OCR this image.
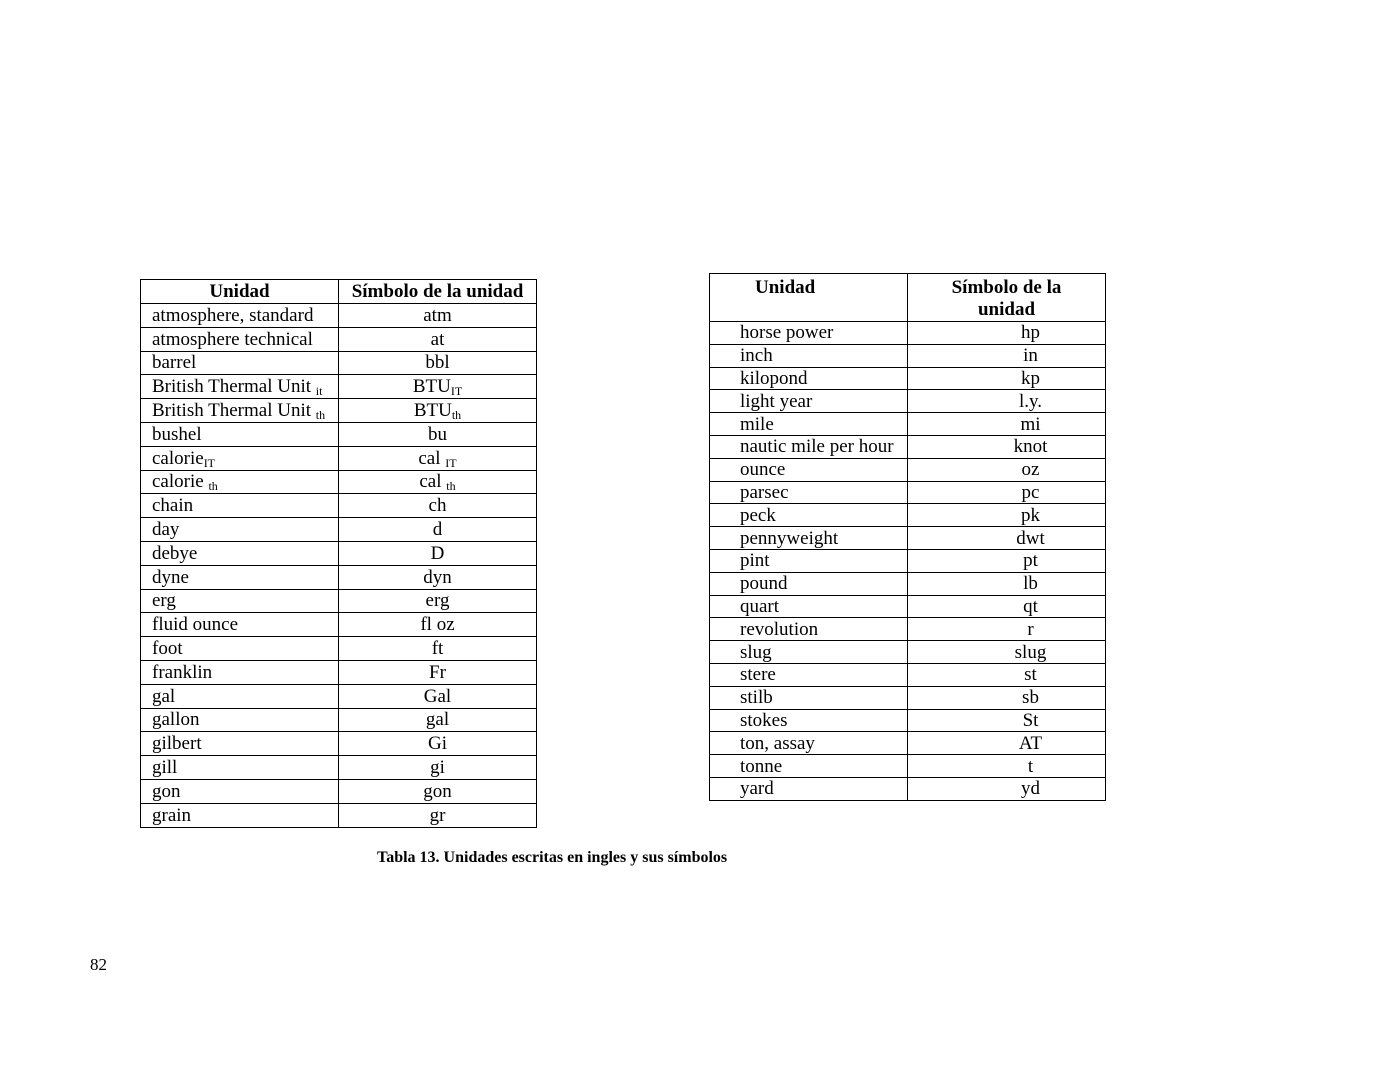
Unidad	Símbolo de la unidad
atmosphere, standard	atm
atmosphere technical	at
barrel	bbl
British Thermal Unit $_{it}$	$BTU_{IT}$
British Thermal Unit $_{th}$	$BTU_{th}$
bushel	bu
calorie$_{IT}$	cal $_{IT}$
calorie $_{th}$	cal $_{th}$
chain	ch
day	d
debye	D
dyne	dyn
erg	erg
fluid ounce	fl oz
foot	ft
franklin	Fr
gal	Gal
gallon	gal
gilbert	Gi
gill	gi
gon	gon
grain	gr
Unidad	Símbolo de la unidad
horse power	hp
inch	in
kilopond	kp
light year	l.y.
mile	mi
nautic mile per hour	knot
ounce	oz
parsec	pc
peck	pk
pennyweight	dwt
pint	pt
pound	lb
quart	qt
revolution	r
slug	slug
stere	st
stilb	sb
stokes	St
ton, assay	AT
tonne	t
yard	yd
Tabla 13. Unidades escritas en ingles y sus símbolos
82
